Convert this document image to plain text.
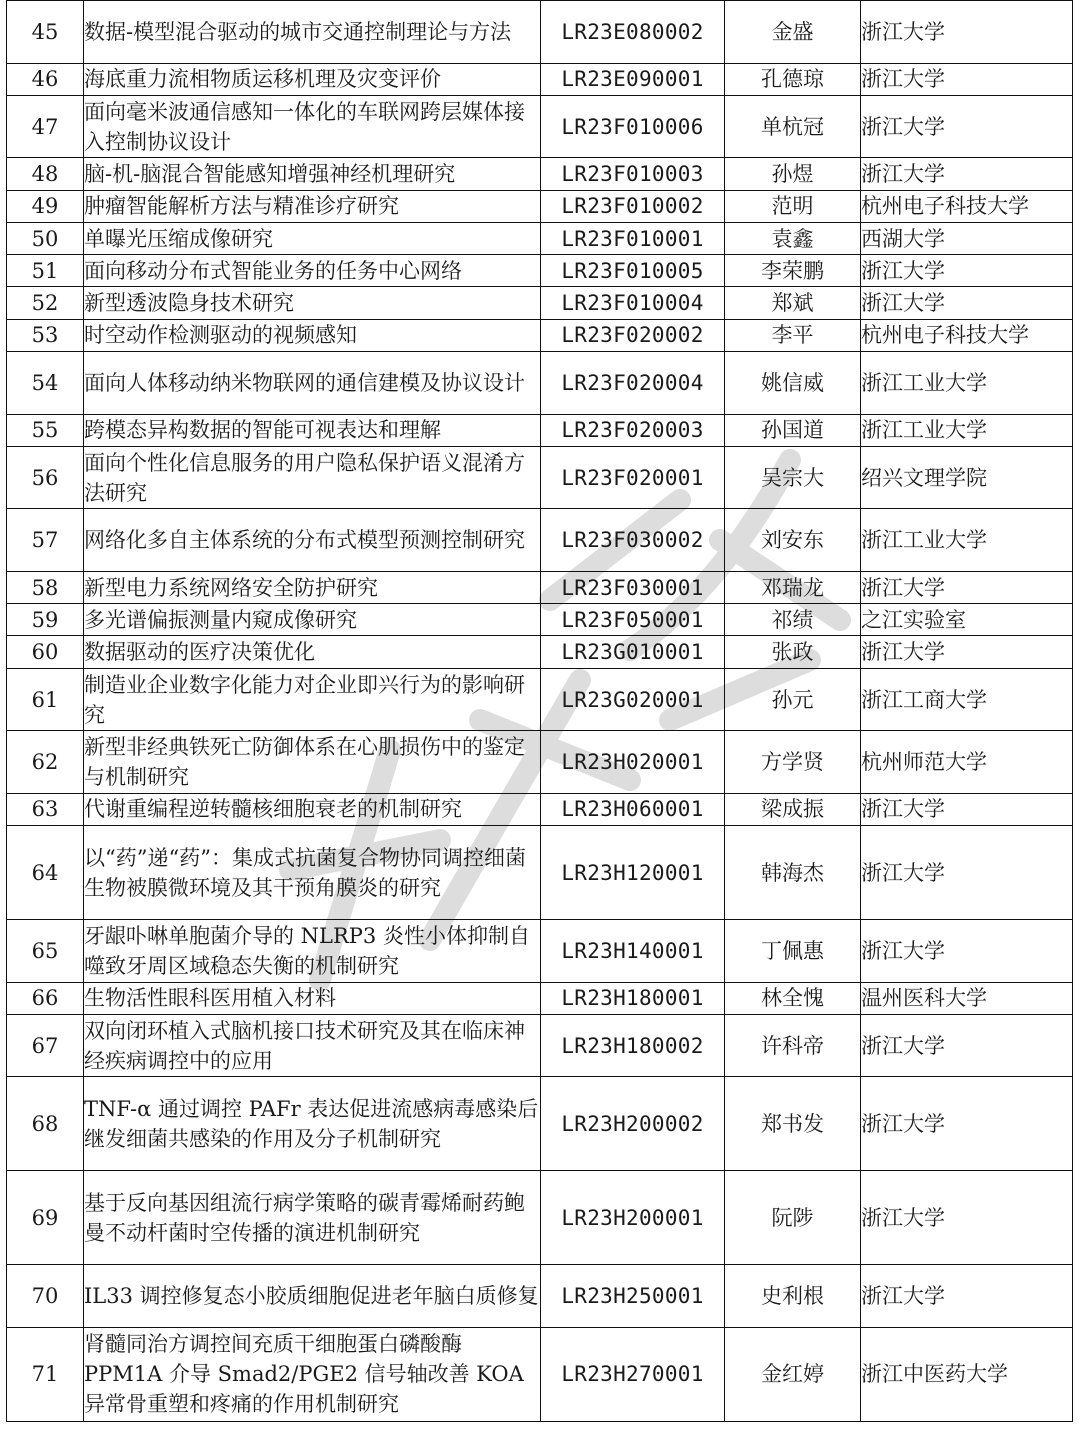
45	数据-模型混合驱动的城市交通控制理论与方法	LR23E080002	金盛	浙江大学
46	海底重力流相物质运移机理及灾变评价	LR23E090001	孔德琼	浙江大学
47	面向毫米波通信感知一体化的车联网跨层媒体接入控制协议设计	LR23F010006	单杭冠	浙江大学
48	脑-机-脑混合智能感知增强神经机理研究	LR23F010003	孙煜	浙江大学
49	肿瘤智能解析方法与精准诊疗研究	LR23F010002	范明	杭州电子科技大学
50	单曝光压缩成像研究	LR23F010001	袁鑫	西湖大学
51	面向移动分布式智能业务的任务中心网络	LR23F010005	李荣鹏	浙江大学
52	新型透波隐身技术研究	LR23F010004	郑斌	浙江大学
53	时空动作检测驱动的视频感知	LR23F020002	李平	杭州电子科技大学
54	面向人体移动纳米物联网的通信建模及协议设计	LR23F020004	姚信威	浙江工业大学
55	跨模态异构数据的智能可视表达和理解	LR23F020003	孙国道	浙江工业大学
56	面向个性化信息服务的用户隐私保护语义混淆方法研究	LR23F020001	吴宗大	绍兴文理学院
57	网络化多自主体系统的分布式模型预测控制研究	LR23F030002	刘安东	浙江工业大学
58	新型电力系统网络安全防护研究	LR23F030001	邓瑞龙	浙江大学
59	多光谱偏振测量内窥成像研究	LR23F050001	祁绩	之江实验室
60	数据驱动的医疗决策优化	LR23G010001	张政	浙江大学
61	制造业企业数字化能力对企业即兴行为的影响研究	LR23G020001	孙元	浙江工商大学
62	新型非经典铁死亡防御体系在心肌损伤中的鉴定与机制研究	LR23H020001	方学贤	杭州师范大学
63	代谢重编程逆转髓核细胞衰老的机制研究	LR23H060001	梁成振	浙江大学
64	以“药”递“药”：集成式抗菌复合物协同调控细菌生物被膜微环境及其干预角膜炎的研究	LR23H120001	韩海杰	浙江大学
65	牙龈卟啉单胞菌介导的 NLRP3 炎性小体抑制自噬致牙周区域稳态失衡的机制研究	LR23H140001	丁佩惠	浙江大学
66	生物活性眼科医用植入材料	LR23H180001	林全愧	温州医科大学
67	双向闭环植入式脑机接口技术研究及其在临床神经疾病调控中的应用	LR23H180002	许科帝	浙江大学
68	TNF-α 通过调控 PAFr 表达促进流感病毒感染后继发细菌共感染的作用及分子机制研究	LR23H200002	郑书发	浙江大学
69	基于反向基因组流行病学策略的碳青霉烯耐药鲍曼不动杆菌时空传播的演进机制研究	LR23H200001	阮陟	浙江大学
70	IL33 调控修复态小胶质细胞促进老年脑白质修复	LR23H250001	史利根	浙江大学
71	肾髓同治方调控间充质干细胞蛋白磷酸酶 PPM1A 介导 Smad2/PGE2 信号轴改善 KOA 异常骨重塑和疼痛的作用机制研究	LR23H270001	金红婷	浙江中医药大学
